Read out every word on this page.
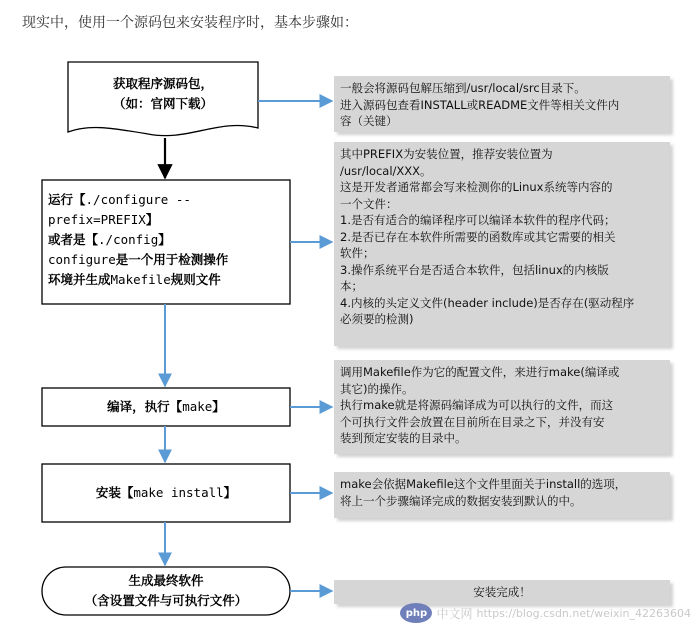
现实中，使用一个源码包来安装程序时，基本步骤如：
获取程序源码包，
（如：官网下载）
运行【./configure --
prefix=PREFIX】
或者是【./config】
configure是一个用于检测操作
环境并生成Makefile规则文件
编译，执行【 make 】
安装【 make install 】
生成最终软件
（含设置文件与可执行文件）
一般会将源码包解压缩到/usr/local/src目录下。
进入源码包查看INSTALL或README文件等相关文件内
容（关键）
其中PREFIX为安装位置，推荐安装位置为
/usr/local/XXX。
这是开发者通常都会写来检测你的Linux系统等内容的
一个文件：
1.是否有适合的编译程序可以编译本软件的程序代码；
2.是否已存在本软件所需要的函数库或其它需要的相关
软件；
3.操作系统平台是否适合本软件，包括linux的内核版
本；
4.内核的头定义文件(header include)是否存在(驱动程序
必须要的检测)
调用Makefile作为它的配置文件，来进行make(编译或
其它)的操作。
执行make就是将源码编译成为可以执行的文件，而这
个可执行文件会放置在目前所在目录之下，并没有安
装到预定安装的目录中。
make会依据Makefile这个文件里面关于install的选项，
将上一个步骤编译完成的数据安装到默认的中。
安装完成！
php 中文网 https://blog.csdn.net/weixin_42263604
